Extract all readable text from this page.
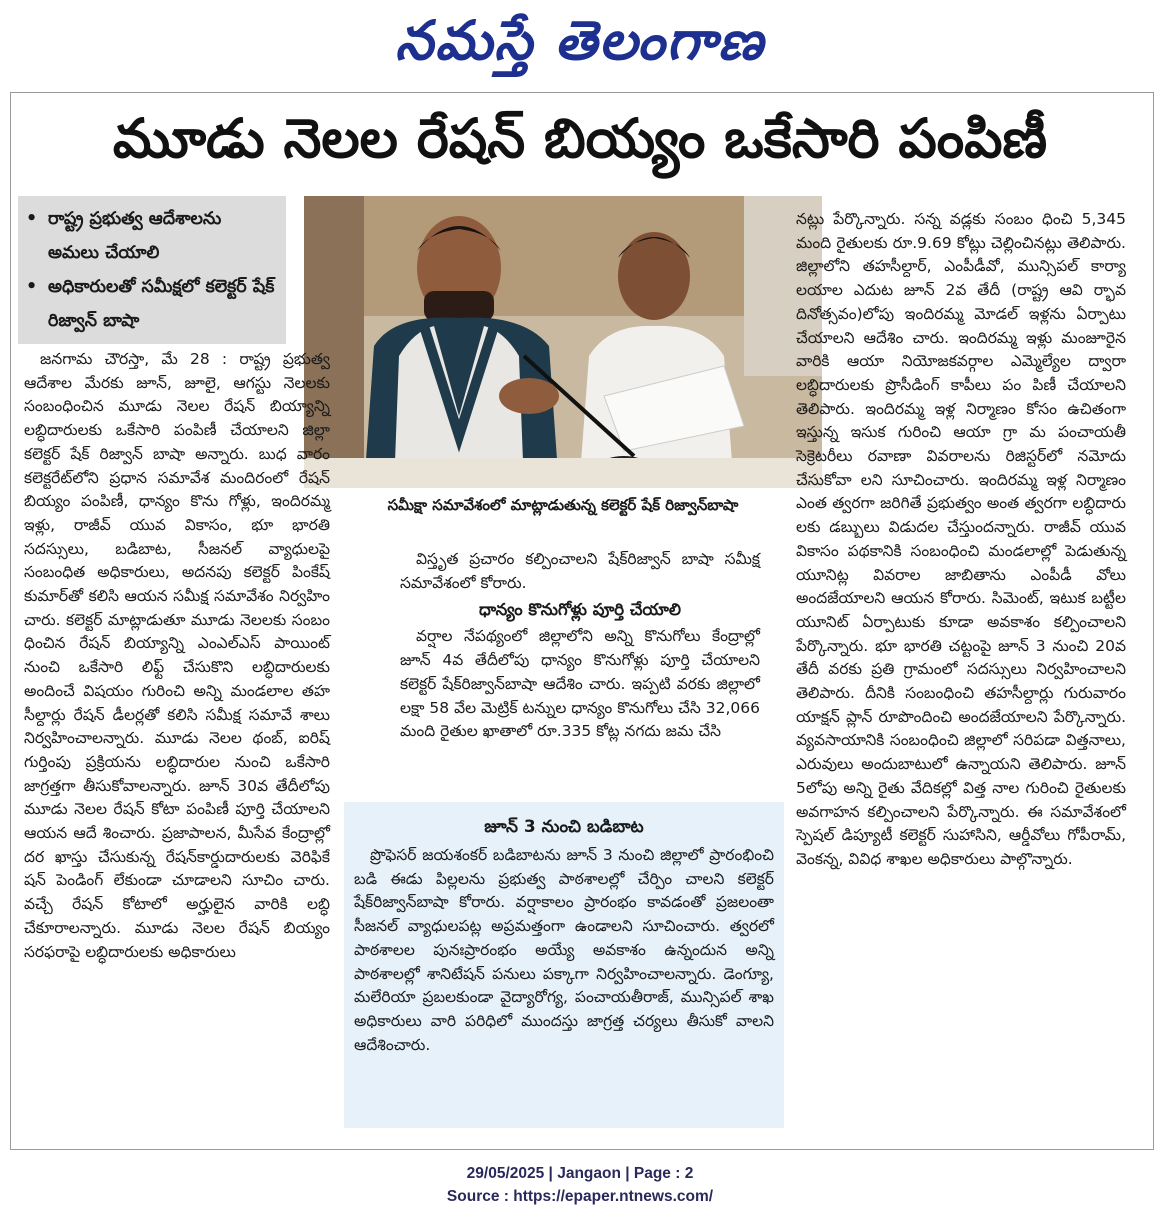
నమస్తే తెలంగాణ
మూడు నెలల రేషన్ బియ్యం ఒకేసారి పంపిణీ
• రాష్ట్ర ప్రభుత్వ ఆదేశాలను అమలు చేయాలి
• అధికారులతో సమీక్షలో కలెక్టర్ షేక్ రిజ్వాన్ బాషా
సమీక్షా సమావేశంలో మాట్లాడుతున్న కలెక్టర్ షేక్ రిజ్వాన్‌బాషా

జనగామ చౌరస్తా, మే 28 : రాష్ట్ర ప్రభుత్వ ఆదేశాల మేరకు జూన్, జూలై, ఆగస్టు నెలలకు సంబంధించిన మూడు నెలల రేషన్ బియ్యాన్ని లబ్ధిదారులకు ఒకేసారి పంపిణీ చేయాలని జిల్లా కలెక్టర్ షేక్ రిజ్వాన్ బాషా అన్నారు. బుధ వారం కలెక్టరేట్‌లోని ప్రధాన సమావేశ మందిరంలో రేషన్ బియ్యం పంపిణీ, ధాన్యం కొను గోళ్లు, ఇందిరమ్మ ఇళ్లు, రాజీవ్ యువ వికాసం, భూ భారతి సదస్సులు, బడిబాట, సీజనల్ వ్యాధులపై సంబంధిత అధికారులు, అదనపు కలెక్టర్ పింకేష్ కుమార్‌తో కలిసి ఆయన సమీక్ష సమావేశం నిర్వహిం చారు. కలెక్టర్ మాట్లాడుతూ మూడు నెలలకు సంబం ధించిన రేషన్ బియ్యాన్ని ఎంఎల్ఎస్ పాయింట్ నుంచి ఒకేసారి లిఫ్ట్ చేసుకొని లబ్ధిదారులకు అందించే విషయం గురించి అన్ని మండలాల తహ సీల్దార్లు రేషన్ డీలర్లతో కలిసి సమీక్ష సమావే శాలు నిర్వహించాలన్నారు. మూడు నెలల థంబ్, ఐరిష్ గుర్తింపు ప్రక్రియను లబ్ధిదారుల నుంచి ఒకేసారి జాగ్రత్తగా తీసుకోవాలన్నారు. జూన్ 30వ తేదీలోపు మూడు నెలల రేషన్ కోటా పంపిణీ పూర్తి చేయాలని ఆయన ఆదే శించారు. ప్రజాపాలన, మీసేవ కేంద్రాల్లో దర ఖాస్తు చేసుకున్న రేషన్‌కార్డుదారులకు వెరిఫికే షన్ పెండింగ్ లేకుండా చూడాలని సూచిం చారు. వచ్చే రేషన్ కోటాలో అర్హులైన వారికి లబ్ధి చేకూరాలన్నారు. మూడు నెలల రేషన్ బియ్యం సరఫరాపై లబ్ధిదారులకు అధికారులు

విస్తృత ప్రచారం కల్పించాలని షేక్‌రిజ్వాన్ బాషా సమీక్ష సమావేశంలో కోరారు.

ధాన్యం కొనుగోళ్లు పూర్తి చేయాలి

వర్షాల నేపథ్యంలో జిల్లాలోని అన్ని కొనుగోలు కేంద్రాల్లో జూన్ 4వ తేదీలోపు ధాన్యం కొనుగోళ్లు పూర్తి చేయాలని కలెక్టర్ షేక్‌రిజ్వాన్‌బాషా ఆదేశిం చారు. ఇప్పటి వరకు జిల్లాలో లక్షా 58 వేల మెట్రిక్ టన్నుల ధాన్యం కొనుగోలు చేసి 32,066 మంది రైతుల ఖాతాలో రూ.335 కోట్ల నగదు జమ చేసి

నట్లు పేర్కొన్నారు. సన్న వడ్లకు సంబం ధించి 5,345 మంది రైతులకు రూ.9.69 కోట్లు చెల్లించినట్లు తెలిపారు. జిల్లాలోని తహసీల్దార్, ఎంపీడీవో, మున్సిపల్ కార్యా లయాల ఎదుట జూన్ 2వ తేదీ (రాష్ట్ర ఆవి ర్భావ దినోత్సవం)లోపు ఇందిరమ్మ మోడల్ ఇళ్లను ఏర్పాటు చేయాలని ఆదేశిం చారు. ఇందిరమ్మ ఇళ్లు మంజూరైన వారికి ఆయా నియోజకవర్గాల ఎమ్మెల్యేల ద్వారా లబ్ధిదారులకు ప్రొసీడింగ్ కాపీలు పం పిణీ చేయాలని తెలిపారు. ఇందిరమ్మ ఇళ్ల నిర్మాణం కోసం ఉచితంగా ఇస్తున్న ఇసుక గురించి ఆయా గ్రా మ పంచాయతీ సెక్రెటరీలు రవాణా వివరాలను రిజిస్టర్‌లో నమోదు చేసుకోవా లని సూచించారు. ఇందిరమ్మ ఇళ్ల నిర్మాణం ఎంత త్వరగా జరిగితే ప్రభుత్వం అంత త్వరగా లబ్ధిదారు లకు డబ్బులు విడుదల చేస్తుందన్నారు. రాజీవ్ యువ వికాసం పథకానికి సంబంధించి మండలాల్లో పెడుతున్న యూనిట్ల వివరాల జాబితాను ఎంపీడీ వోలు అందజేయాలని ఆయన కోరారు. సిమెంట్, ఇటుక బట్టీల యూనిట్ ఏర్పాటుకు కూడా అవకాశం కల్పించాలని పేర్కొన్నారు. భూ భారతి చట్టంపై జూన్ 3 నుంచి 20వ తేదీ వరకు ప్రతి గ్రామంలో సదస్సులు నిర్వహించాలని తెలిపారు. దీనికి సంబంధించి తహసీల్దార్లు గురువారం యాక్షన్ ప్లాన్ రూపొందించి అందజేయాలని పేర్కొన్నారు. వ్యవసాయానికి సంబంధించి జిల్లాలో సరిపడా విత్తనాలు, ఎరువులు అందుబాటులో ఉన్నాయని తెలిపారు. జూన్ 5లోపు అన్ని రైతు వేదికల్లో విత్త నాల గురించి రైతులకు అవగాహన కల్పించాలని పేర్కొన్నారు. ఈ సమావేశంలో స్పెషల్ డిప్యూటీ కలెక్టర్ సుహాసిని, ఆర్డీవోలు గోపీరామ్, వెంకన్న, వివిధ శాఖల అధికారులు పాల్గొన్నారు.

జూన్ 3 నుంచి బడిబాట

ప్రొఫెసర్ జయశంకర్ బడిబాటను జూన్ 3 నుంచి జిల్లాలో ప్రారంభించి బడి ఈడు పిల్లలను ప్రభుత్వ పాఠశాలల్లో చేర్పిం చాలని కలెక్టర్ షేక్‌రిజ్వాన్‌బాషా కోరారు. వర్షాకాలం ప్రారంభం కావడంతో ప్రజలంతా సీజనల్ వ్యాధులపట్ల అప్రమత్తంగా ఉండాలని సూచించారు. త్వరలో పాఠశాలల పునఃప్రారంభం అయ్యే అవకాశం ఉన్నందున అన్ని పాఠశాలల్లో శానిటేషన్ పనులు పక్కాగా నిర్వహించాలన్నారు. డెంగ్యూ, మలేరియా ప్రబలకుండా వైద్యారోగ్య, పంచాయతీరాజ్, మున్సిపల్ శాఖ అధికారులు వారి పరిధిలో ముందస్తు జాగ్రత్త చర్యలు తీసుకో వాలని ఆదేశించారు.

29/05/2025 | Jangaon | Page : 2
Source : https://epaper.ntnews.com/
